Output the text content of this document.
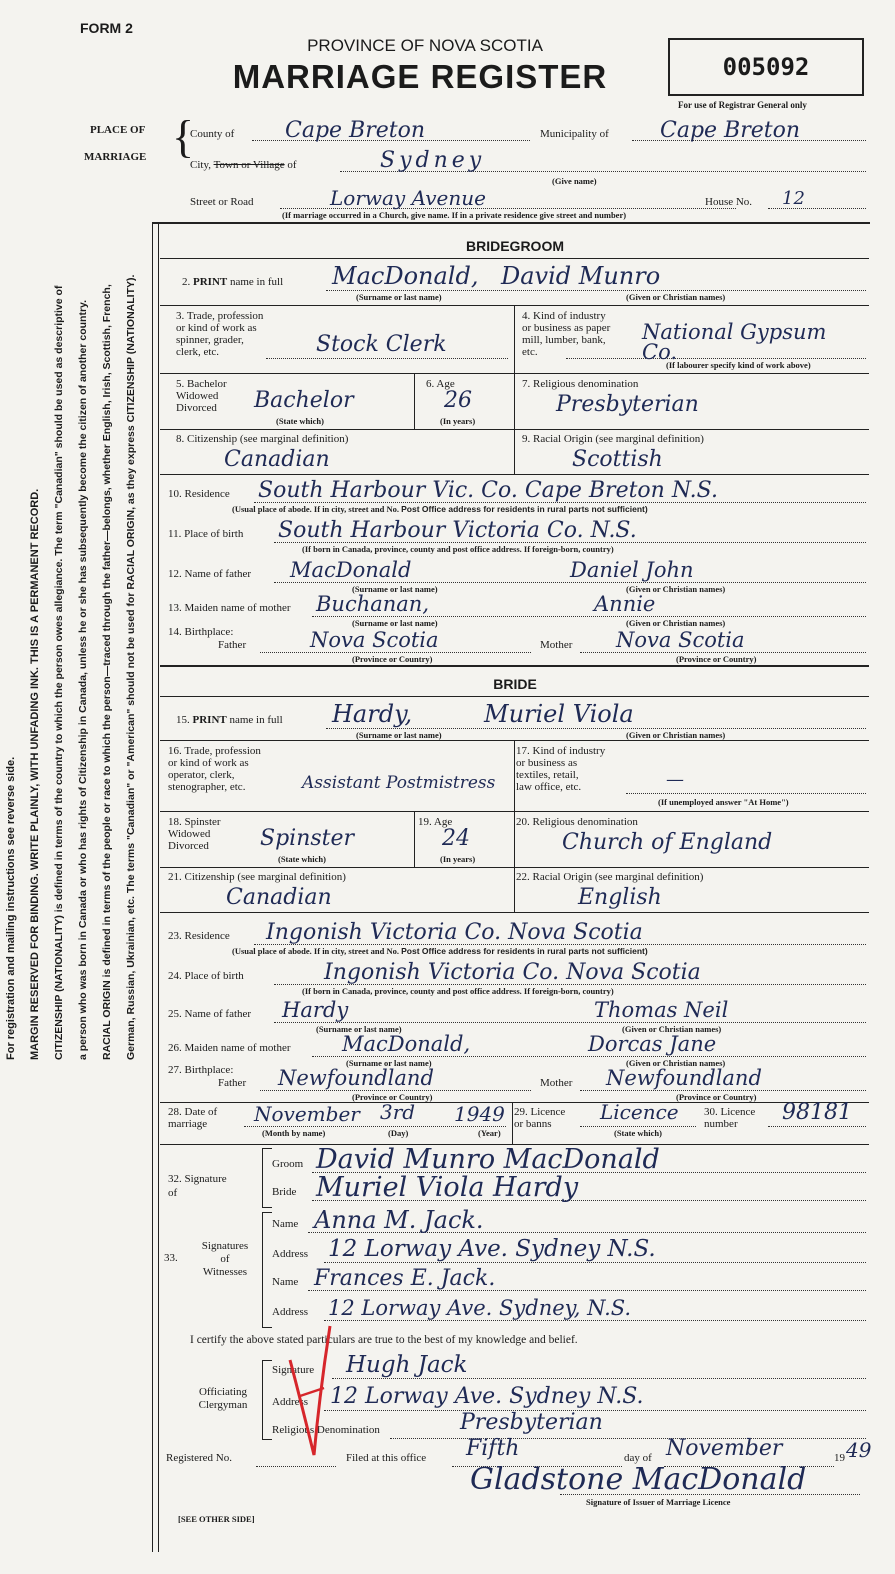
FORM 2
PROVINCE OF NOVA SCOTIA
MARRIAGE REGISTER	005092
For use of Registrar General only
PLACE OF
MARRIAGE {
County of Cape Breton	Municipality of Cape Breton
City, Town or Village of	Sydney
(Give name)
Street or Road	Lorway Avenue	House No. 12
(If marriage occurred in a Church, give name. If in a private residence give street and number)
For registration and mailing instructions see reverse side.	MARGIN RESERVED FOR BINDING. WRITE PLAINLY, WITH UNFADING INK. THIS IS A PERMANENT RECORD.	CITIZENSHIP (NATIONALITY) is defined in terms of the country to which the person owes allegiance. The term "Canadian" should be used as descriptive of	a person who was born in Canada or who has rights of Citizenship in Canada, unless he or she has subsequently become the citizen of another country.	RACIAL ORIGIN is defined in terms of the people or race to which the person—traced through the father—belongs, whether English, Irish, Scottish, French,	German, Russian, Ukrainian, etc. The terms "Canadian" or "American" should not be used for RACIAL ORIGIN, as they express CITIZENSHIP (NATIONALITY).
BRIDEGROOM
2. PRINT name in full MacDonald, David Munro
(Surname or last name)	(Given or Christian names)
3. Trade, profession
or kind of work as
spinner, grader,
clerk, etc.	Stock Clerk
4. Kind of industry
or business as paper
mill, lumber, bank,
etc.
National Gypsum Co.
(If labourer specify kind of work above)
5. Bachelor
Widowed
Divorced	Bachelor
(State which)
6. Age
26
(In years)
7. Religious denomination
Presbyterian
8. Citizenship (see marginal definition)
Canadian
9. Racial Origin (see marginal definition)
Scottish
10. Residence South Harbour Vic. Co. Cape Breton N.S.
(Usual place of abode. If in city, street and No. Post Office address for residents in rural parts not sufficient)
11. Place of birth South Harbour Victoria Co. N.S.
(If born in Canada, province, county and post office address. If foreign-born, country)
12. Name of father MacDonald	Daniel John
(Surname or last name)	(Given or Christian names)
13. Maiden name of mother Buchanan,	Annie
(Surname or last name)	(Given or Christian names)
14. Birthplace:
Father	Nova Scotia	Mother Nova Scotia
(Province or Country)	(Province or Country)
BRIDE
15. PRINT name in full Hardy,	Muriel Viola
(Surname or last name)	(Given or Christian names)
16. Trade, profession
or kind of work as
operator, clerk,
stenographer, etc.	Assistant Postmistress
17. Kind of industry
or business as
textiles, retail,
law office, etc.	—
(If unemployed answer "At Home")
18. Spinster
Widowed
Divorced	Spinster
(State which)
19. Age
24
(In years)
20. Religious denomination
Church of England
21. Citizenship (see marginal definition)
Canadian
22. Racial Origin (see marginal definition)
English
23. Residence Ingonish Victoria Co. Nova Scotia
(Usual place of abode. If in city, street and No. Post Office address for residents in rural parts not sufficient)
24. Place of birth	Ingonish Victoria Co. Nova Scotia
(If born in Canada, province, county and post office address. If foreign-born, country)
25. Name of father Hardy	Thomas Neil
(Surname or last name)	(Given or Christian names)
26. Maiden name of mother MacDonald,	Dorcas Jane
(Surname or last name)	(Given or Christian names)
27. Birthplace:
Father Newfoundland	Mother Newfoundland
(Province or Country)	(Province or Country)
28. Date of
marriage	November 3rd 1949
(Month by name)	(Day)	(Year)
29. Licence
or banns	Licence
(State which)
30. Licence
number	98181
32. Signature
of
Groom David Munro MacDonald
Bride Muriel Viola Hardy
33.
Signatures
of
Witnesses
Name Anna M. Jack.
Address 12 Lorway Ave. Sydney N.S.
Name Frances E. Jack.
Address 12 Lorway Ave. Sydney, N.S.
I certify the above stated particulars are true to the best of my knowledge and belief.
Officiating
Clergyman
Signature Hugh Jack
Address 12 Lorway Ave. Sydney N.S.
Religious Denomination	Presbyterian
Registered No.	Filed at this office Fifth	day of November	19 49
Gladstone MacDonald
Signature of Issuer of Marriage Licence
[SEE OTHER SIDE]
